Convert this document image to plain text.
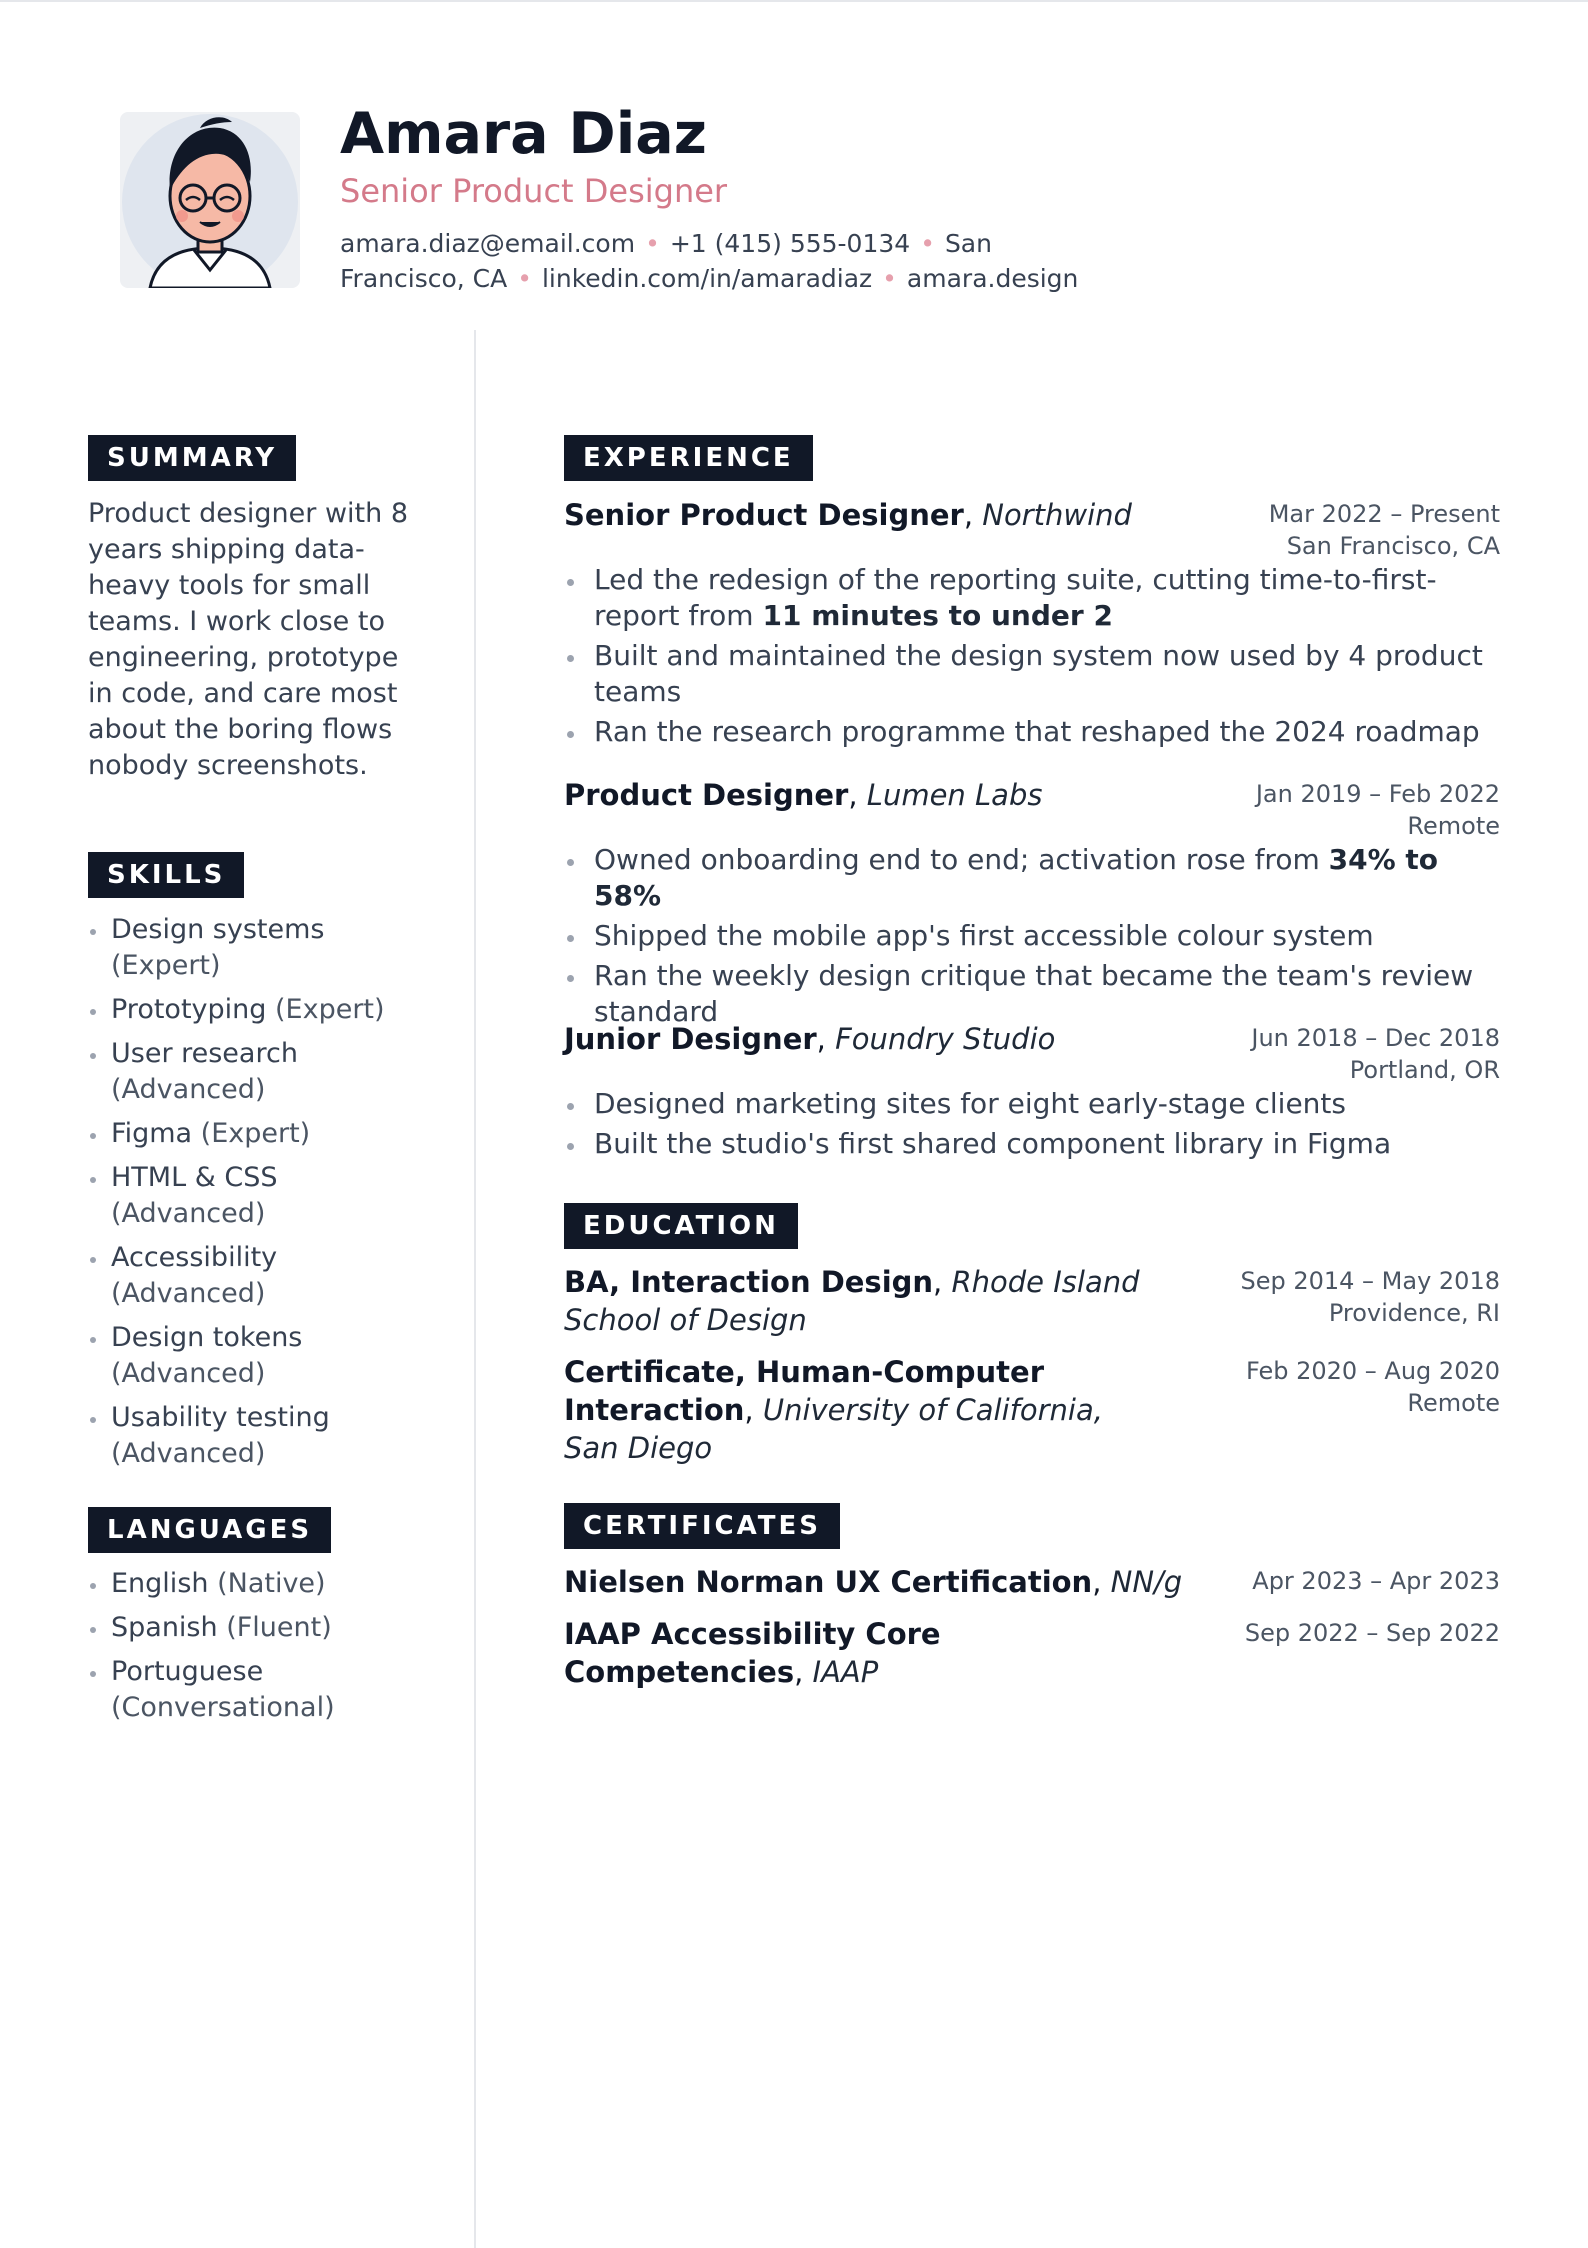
Amara Diaz
Senior Product Designer
amara.diaz@email.com • +1 (415) 555-0134 • San Francisco, CA • linkedin.com/in/amaradiaz • amara.design
SUMMARY

Product designer with 8 years shipping data-heavy tools for small teams. I work close to engineering, prototype in code, and care most about the boring flows nobody screenshots.

SKILLS
Design systems (Expert)
Prototyping (Expert)
User research (Advanced)
Figma (Expert)
HTML & CSS (Advanced)
Accessibility (Advanced)
Design tokens (Advanced)
Usability testing (Advanced)
LANGUAGES
English (Native)
Spanish (Fluent)
Portuguese (Conversational)
EXPERIENCE
Senior Product Designer, Northwind	Mar 2022 – Present
San Francisco, CA
Led the redesign of the reporting suite, cutting time-to-first-report from 11 minutes to under 2
Built and maintained the design system now used by 4 product teams
Ran the research programme that reshaped the 2024 roadmap
Product Designer, Lumen Labs	Jan 2019 – Feb 2022
Remote
Owned onboarding end to end; activation rose from 34% to 58%
Shipped the mobile app's first accessible colour system
Ran the weekly design critique that became the team's review standard
Junior Designer, Foundry Studio	Jun 2018 – Dec 2018
Portland, OR
Designed marketing sites for eight early-stage clients
Built the studio's first shared component library in Figma
EDUCATION
BA, Interaction Design, Rhode Island School of Design
Sep 2014 – May 2018
Providence, RI
Certificate, Human-Computer Interaction, University of California, San Diego
Feb 2020 – Aug 2020
Remote
CERTIFICATES
Nielsen Norman UX Certification, NN/g	Apr 2023 – Apr 2023
IAAP Accessibility Core Competencies, IAAP
Sep 2022 – Sep 2022
